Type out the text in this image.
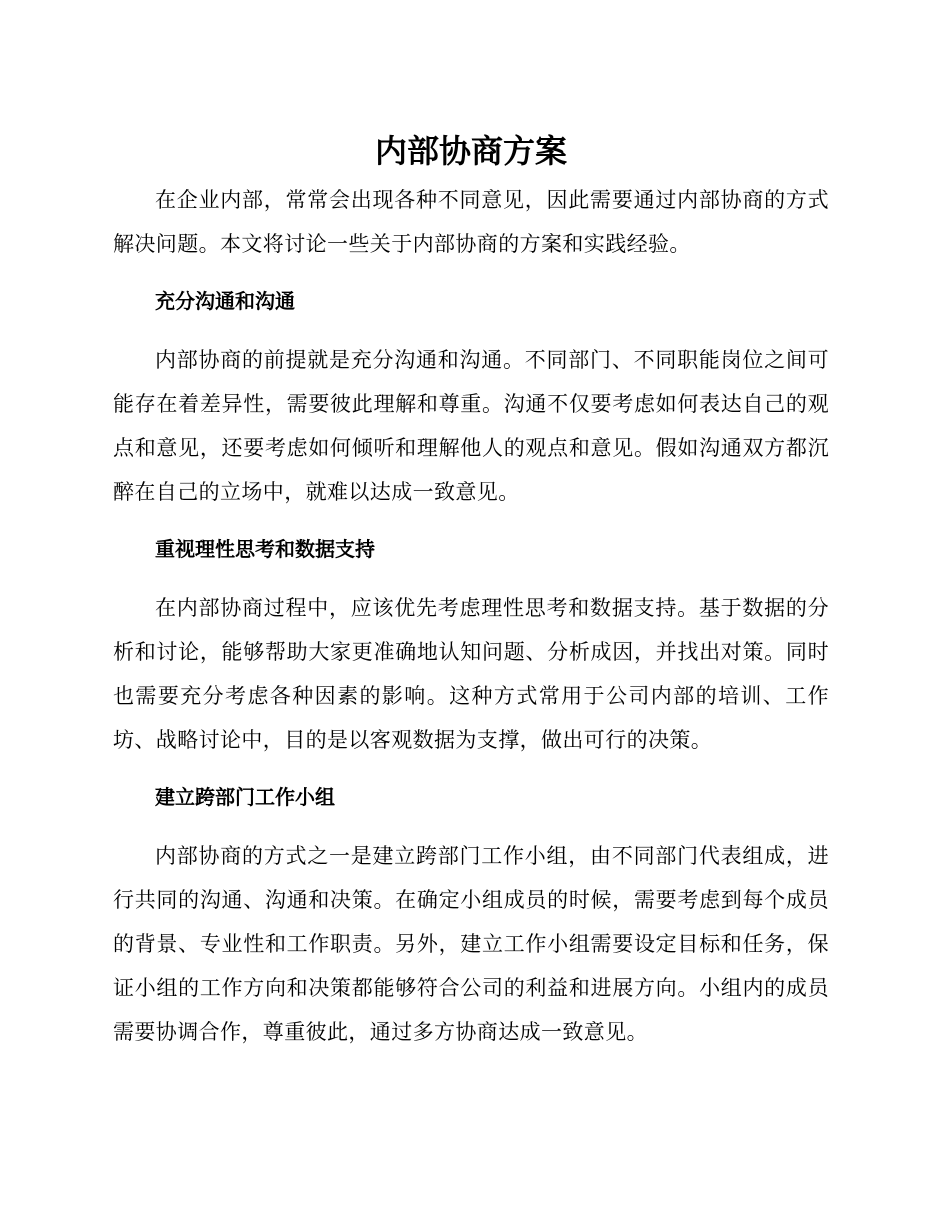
内部协商方案

在企业内部，常常会出现各种不同意见，因此需要通过内部协商的方式解决问题。本文将讨论一些关于内部协商的方案和实践经验。

充分沟通和沟通

内部协商的前提就是充分沟通和沟通。不同部门、不同职能岗位之间可能存在着差异性，需要彼此理解和尊重。沟通不仅要考虑如何表达自己的观点和意见，还要考虑如何倾听和理解他人的观点和意见。假如沟通双方都沉醉在自己的立场中，就难以达成一致意见。

重视理性思考和数据支持

在内部协商过程中，应该优先考虑理性思考和数据支持。基于数据的分析和讨论，能够帮助大家更准确地认知问题、分析成因，并找出对策。同时也需要充分考虑各种因素的影响。这种方式常用于公司内部的培训、工作坊、战略讨论中，目的是以客观数据为支撑，做出可行的决策。

建立跨部门工作小组

内部协商的方式之一是建立跨部门工作小组，由不同部门代表组成，进行共同的沟通、沟通和决策。在确定小组成员的时候，需要考虑到每个成员的背景、专业性和工作职责。另外，建立工作小组需要设定目标和任务，保证小组的工作方向和决策都能够符合公司的利益和进展方向。小组内的成员需要协调合作，尊重彼此，通过多方协商达成一致意见。
